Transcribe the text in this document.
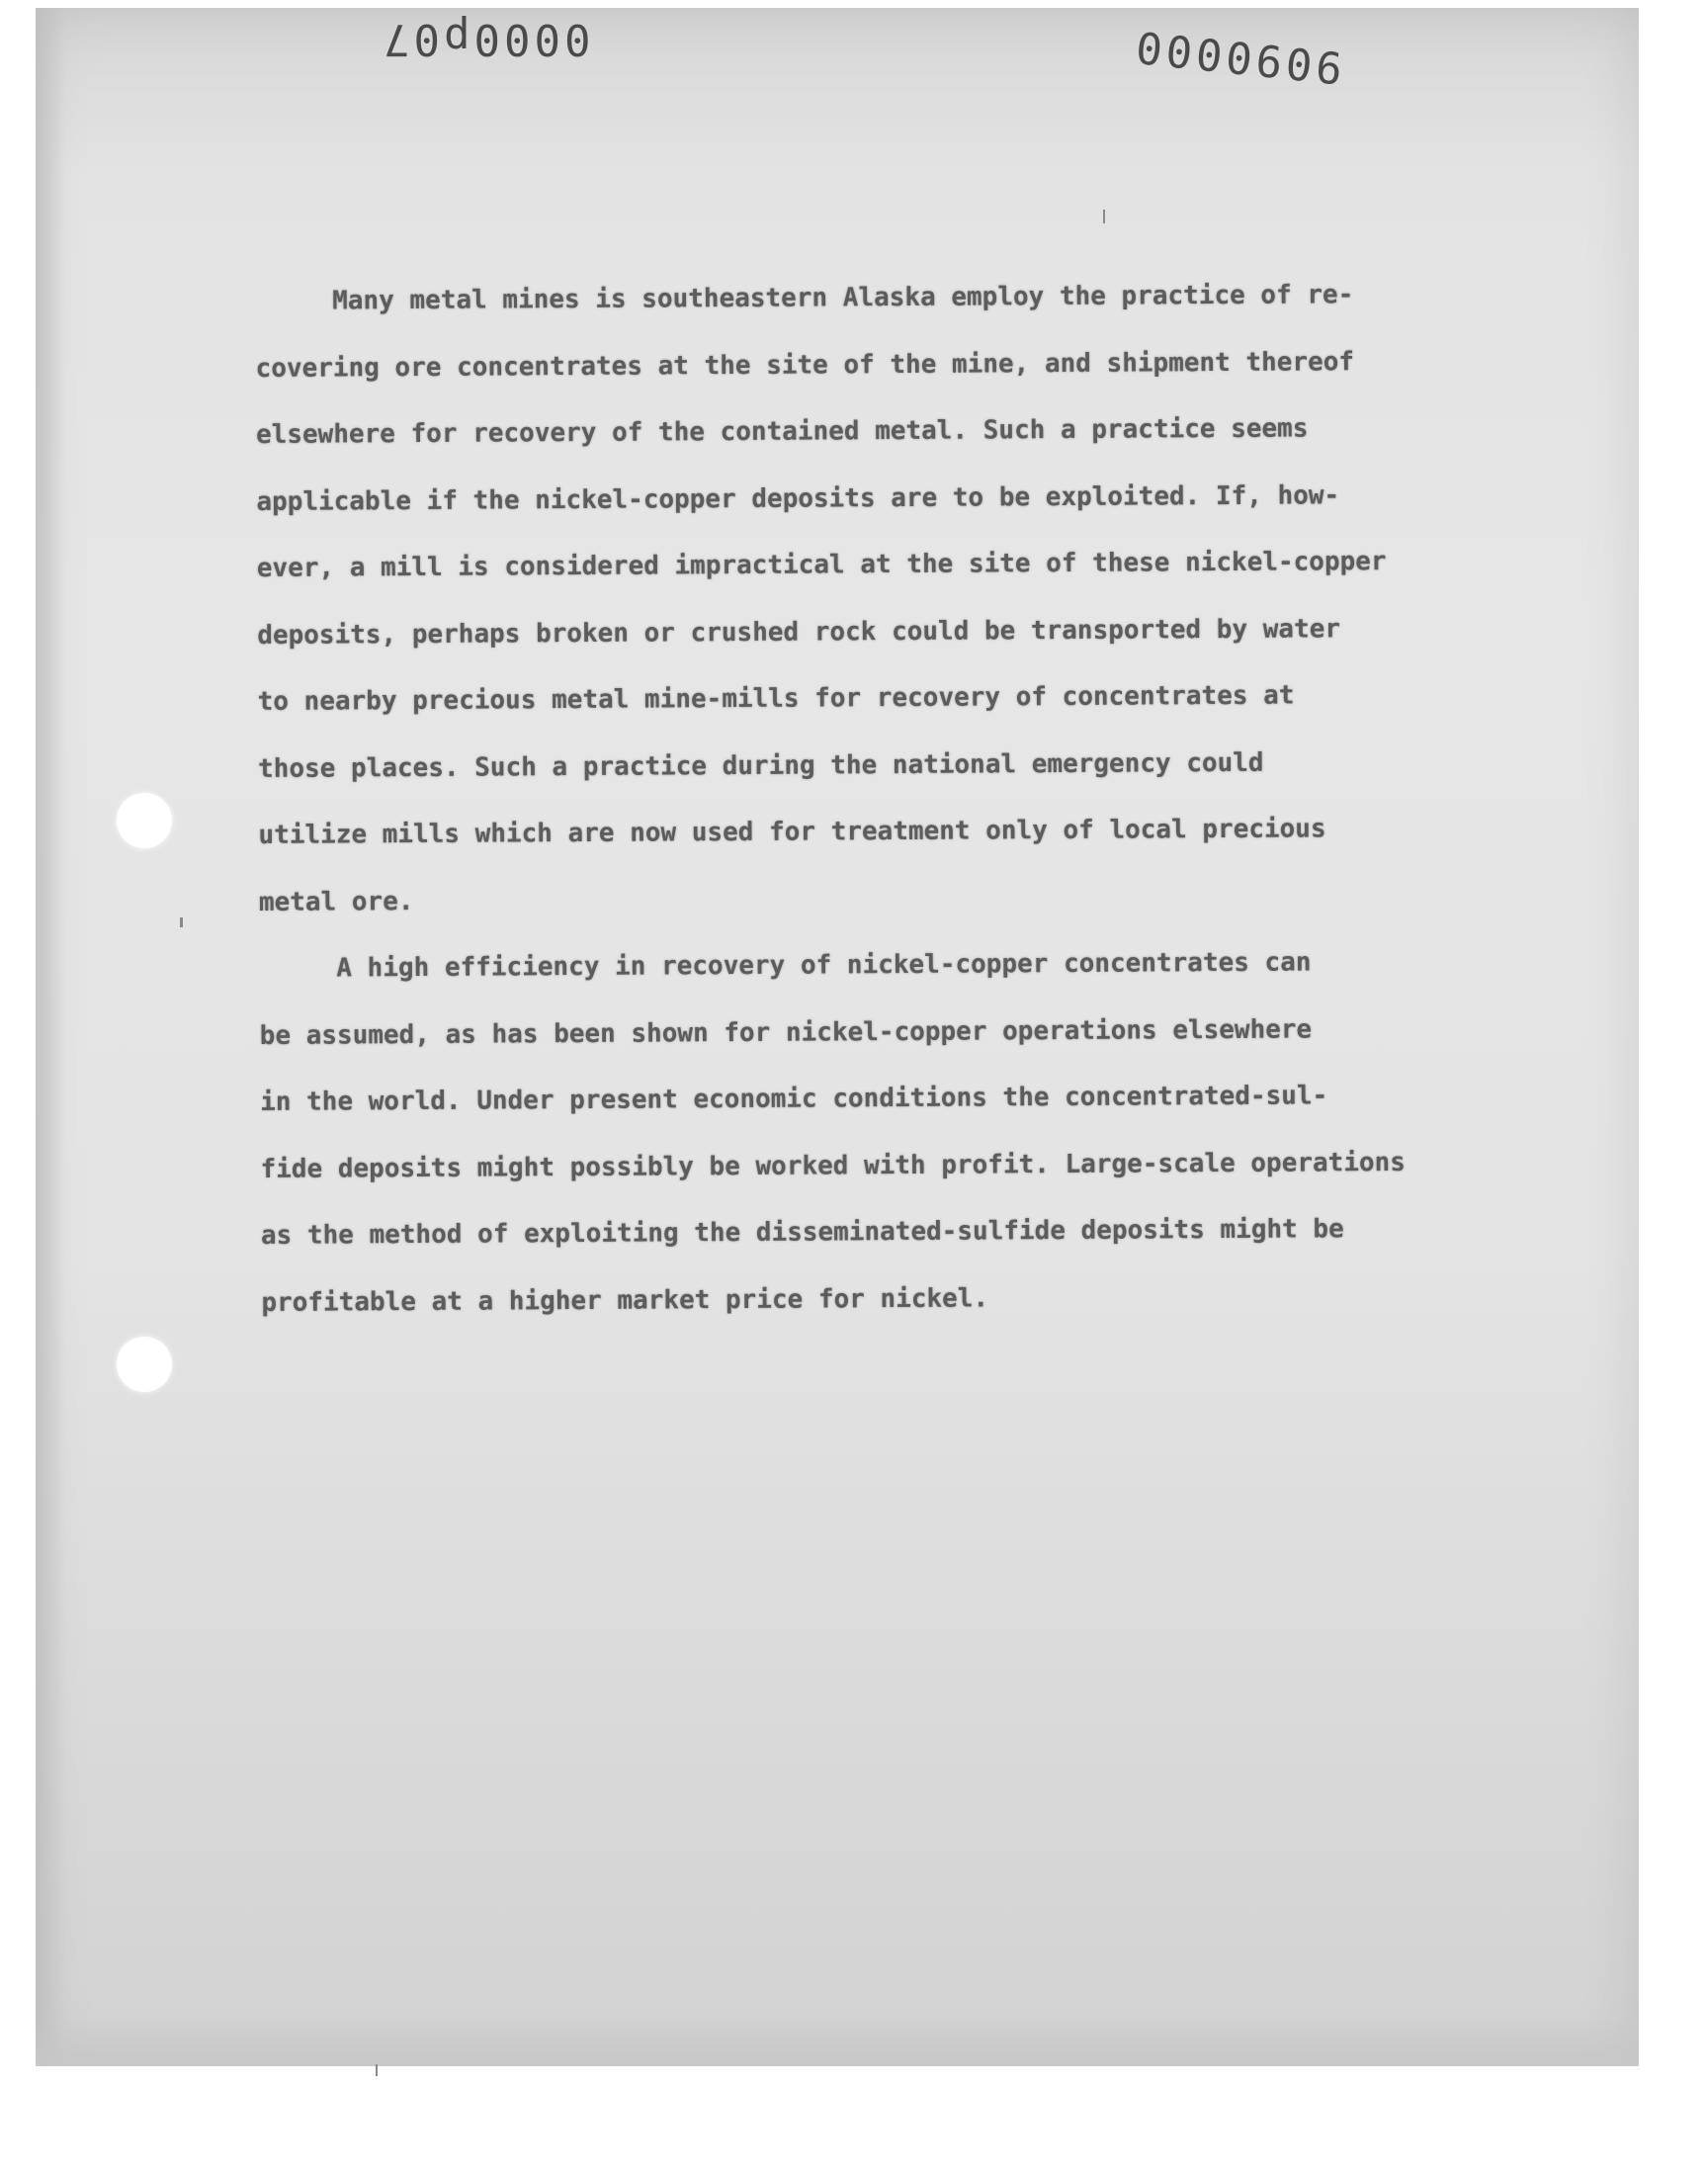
0000p07	0000606
Many metal mines is southeastern Alaska employ the practice of re-
covering ore concentrates at the site of the mine, and shipment thereof
elsewhere for recovery of the contained metal. Such a practice seems
applicable if the nickel-copper deposits are to be exploited. If, how-
ever, a mill is considered impractical at the site of these nickel-copper
deposits, perhaps broken or crushed rock could be transported by water
to nearby precious metal mine-mills for recovery of concentrates at
those places. Such a practice during the national emergency could
utilize mills which are now used for treatment only of local precious
metal ore.
A high efficiency in recovery of nickel-copper concentrates can
be assumed, as has been shown for nickel-copper operations elsewhere
in the world. Under present economic conditions the concentrated-sul-
fide deposits might possibly be worked with profit. Large-scale operations
as the method of exploiting the disseminated-sulfide deposits might be
profitable at a higher market price for nickel.
